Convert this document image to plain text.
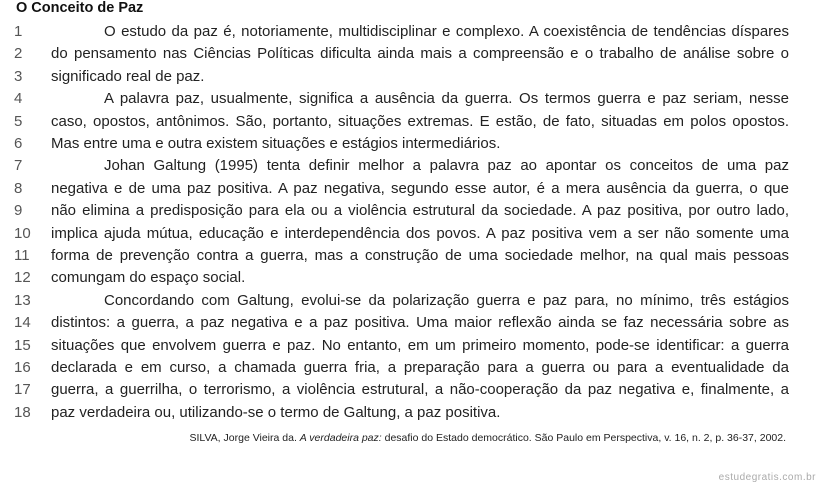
O Conceito de Paz
1	O estudo da paz é, notoriamente, multidisciplinar e complexo. A coexistência de tendências díspares
2	do pensamento nas Ciências Políticas dificulta ainda mais a compreensão e o trabalho de análise sobre o
3	significado real de paz.
4	A palavra paz, usualmente, significa a ausência da guerra. Os termos guerra e paz seriam, nesse
5	caso, opostos, antônimos. São, portanto, situações extremas. E estão, de fato, situadas em polos opostos.
6	Mas entre uma e outra existem situações e estágios intermediários.
7	Johan Galtung (1995) tenta definir melhor a palavra paz ao apontar os conceitos de uma paz
8	negativa e de uma paz positiva. A paz negativa, segundo esse autor, é a mera ausência da guerra, o que
9	não elimina a predisposição para ela ou a violência estrutural da sociedade. A paz positiva, por outro lado,
10	implica ajuda mútua, educação e interdependência dos povos. A paz positiva vem a ser não somente uma
11	forma de prevenção contra a guerra, mas a construção de uma sociedade melhor, na qual mais pessoas
12	comungam do espaço social.
13	Concordando com Galtung, evolui-se da polarização guerra e paz para, no mínimo, três estágios
14	distintos: a guerra, a paz negativa e a paz positiva. Uma maior reflexão ainda se faz necessária sobre as
15	situações que envolvem guerra e paz. No entanto, em um primeiro momento, pode-se identificar: a guerra
16	declarada e em curso, a chamada guerra fria, a preparação para a guerra ou para a eventualidade da
17	guerra, a guerrilha, o terrorismo, a violência estrutural, a não-cooperação da paz negativa e, finalmente, a
18	paz verdadeira ou, utilizando-se o termo de Galtung, a paz positiva.
SILVA, Jorge Vieira da. A verdadeira paz: desafio do Estado democrático. São Paulo em Perspectiva, v. 16, n. 2, p. 36-37, 2002.
estudegratis.com.br
